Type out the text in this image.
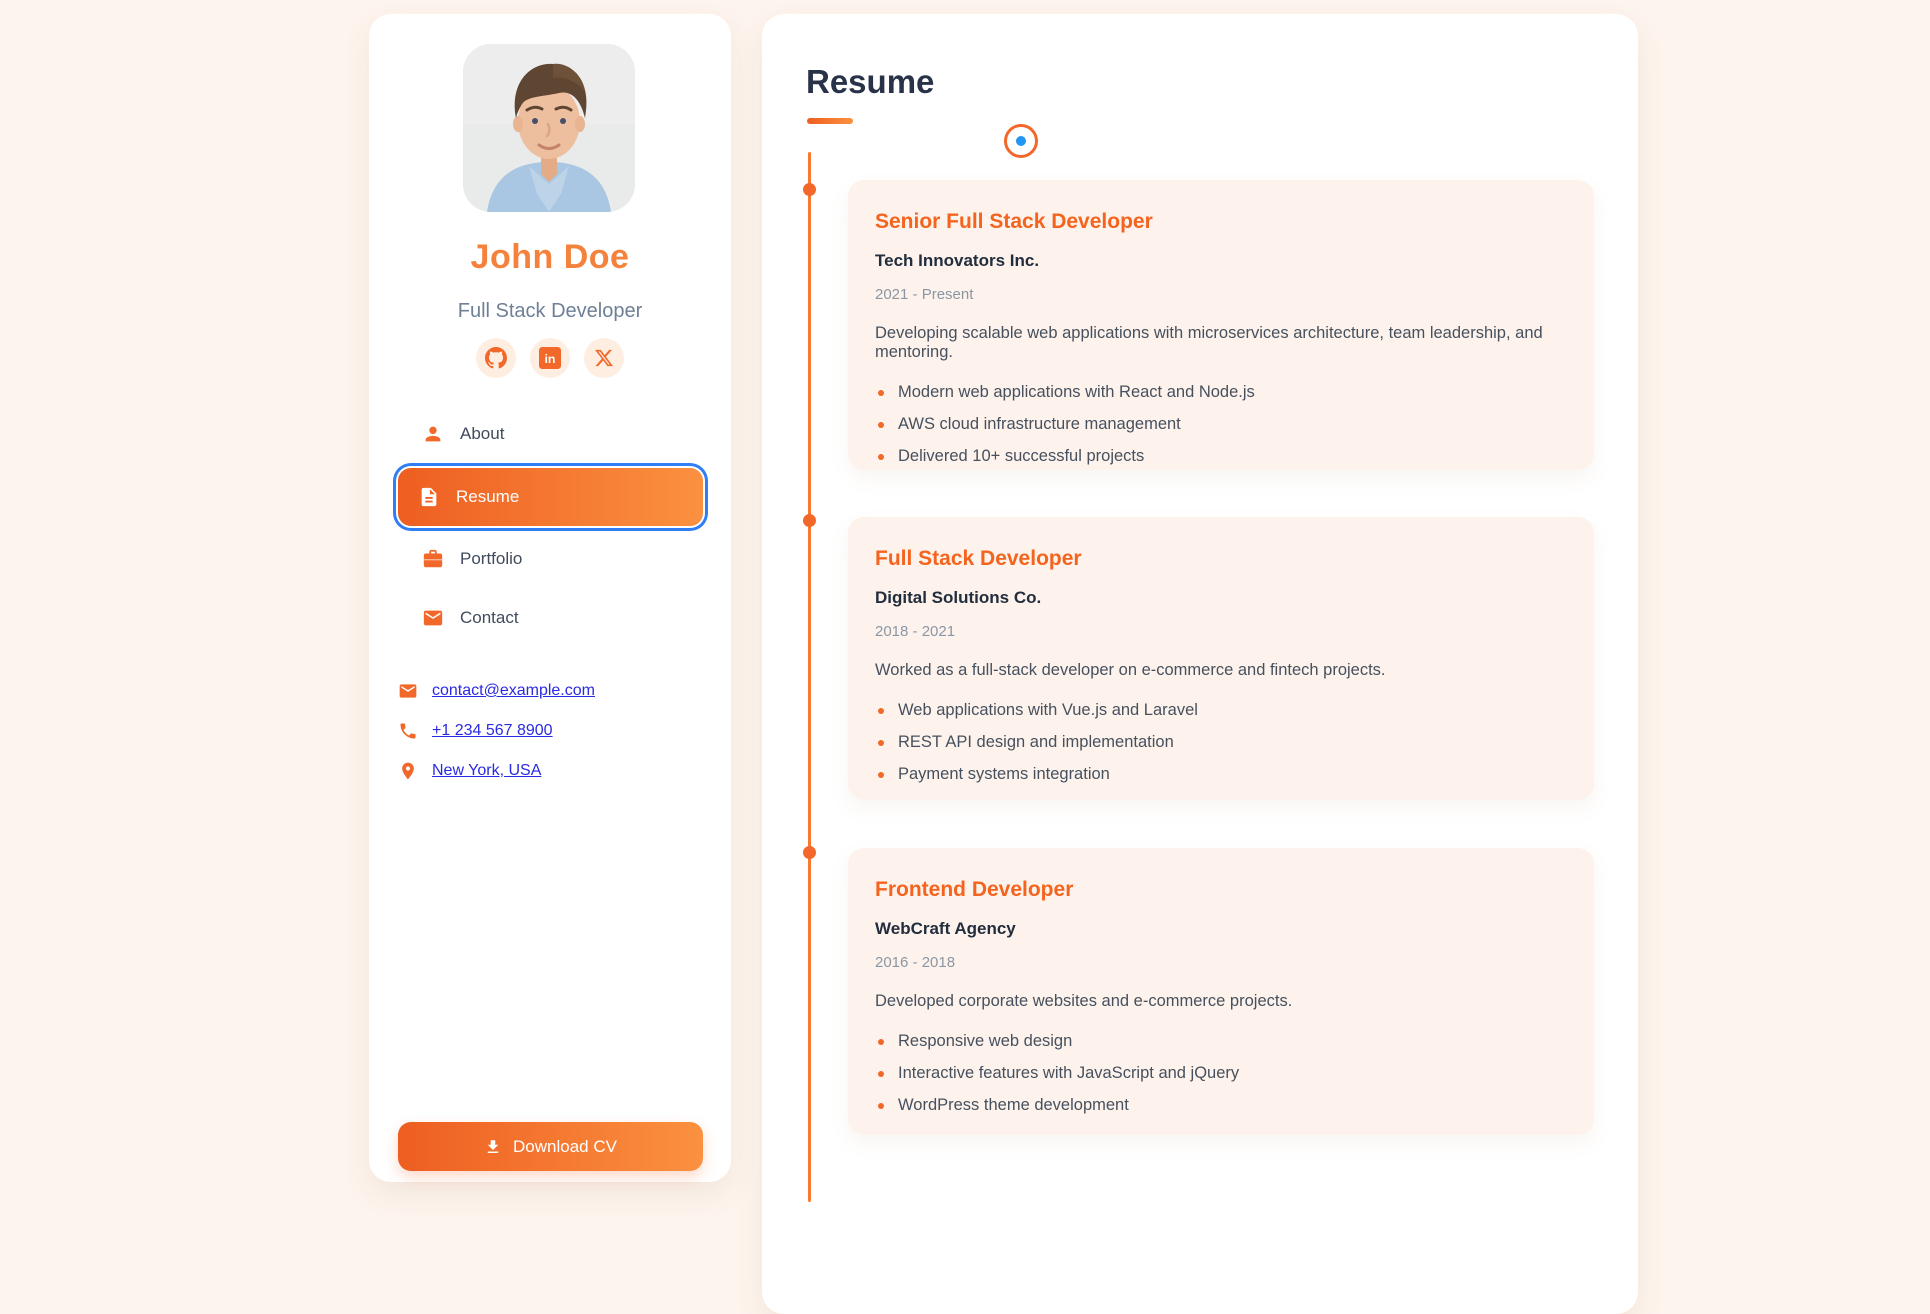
John Doe
Full Stack Developer
in
About
Resume
Portfolio
Contact
contact@example.com
+1 234 567 8900
New York, USA
Download CV
Resume
Senior Full Stack Developer
Tech Innovators Inc.
2021 - Present

Developing scalable web applications with microservices architecture, team leadership, and mentoring.

Modern web applications with React and Node.js
AWS cloud infrastructure management
Delivered 10+ successful projects
Full Stack Developer
Digital Solutions Co.
2018 - 2021

Worked as a full-stack developer on e-commerce and fintech projects.

Web applications with Vue.js and Laravel
REST API design and implementation
Payment systems integration
Frontend Developer
WebCraft Agency
2016 - 2018

Developed corporate websites and e-commerce projects.

Responsive web design
Interactive features with JavaScript and jQuery
WordPress theme development
